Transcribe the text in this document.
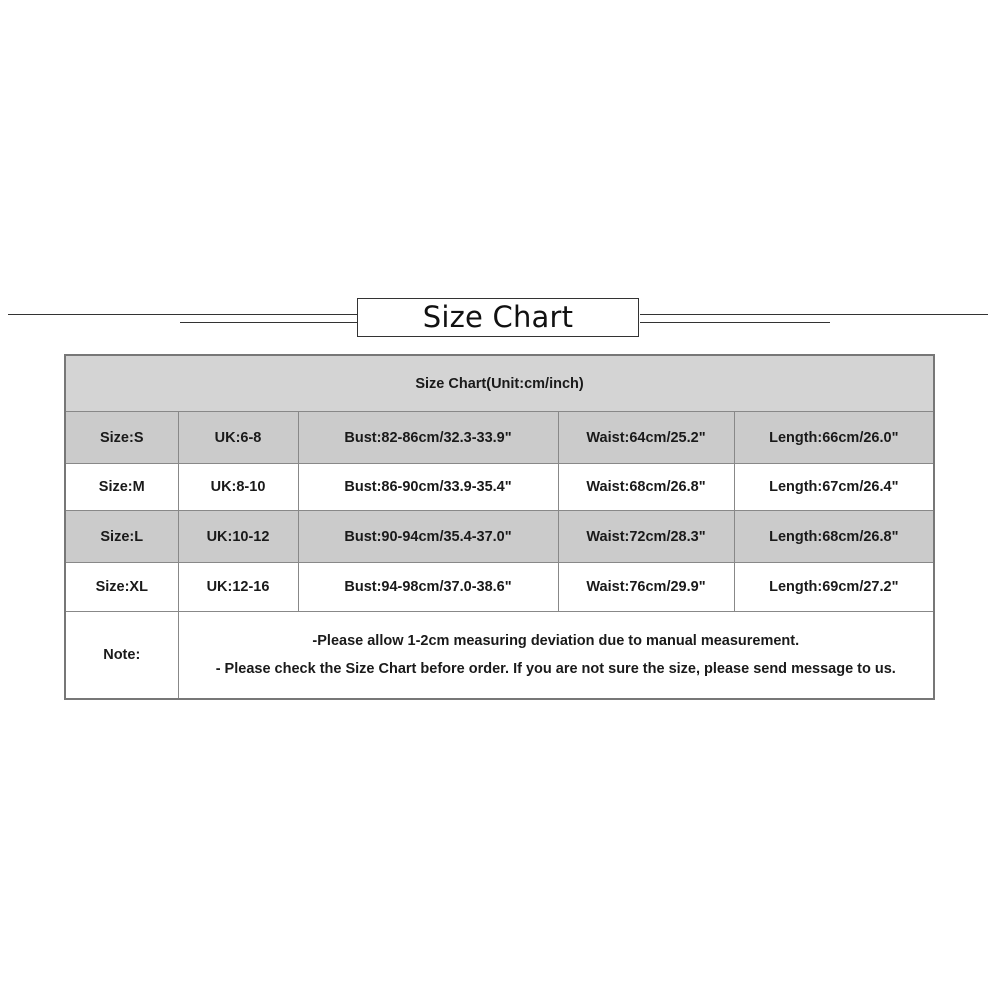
Size Chart
Size Chart(Unit:cm/inch)				
Size:S	UK:6-8	Bust:82-86cm/32.3-33.9"	Waist:64cm/25.2"	Length:66cm/26.0"
Size:M	UK:8-10	Bust:86-90cm/33.9-35.4"	Waist:68cm/26.8"	Length:67cm/26.4"
Size:L	UK:10-12	Bust:90-94cm/35.4-37.0"	Waist:72cm/28.3"	Length:68cm/26.8"
Size:XL	UK:12-16	Bust:94-98cm/37.0-38.6"	Waist:76cm/29.9"	Length:69cm/27.2"
Note:	-Please allow 1-2cm measuring deviation due to manual measurement.
- Please check the Size Chart before order. If you are not sure the size, please send message to us.			
